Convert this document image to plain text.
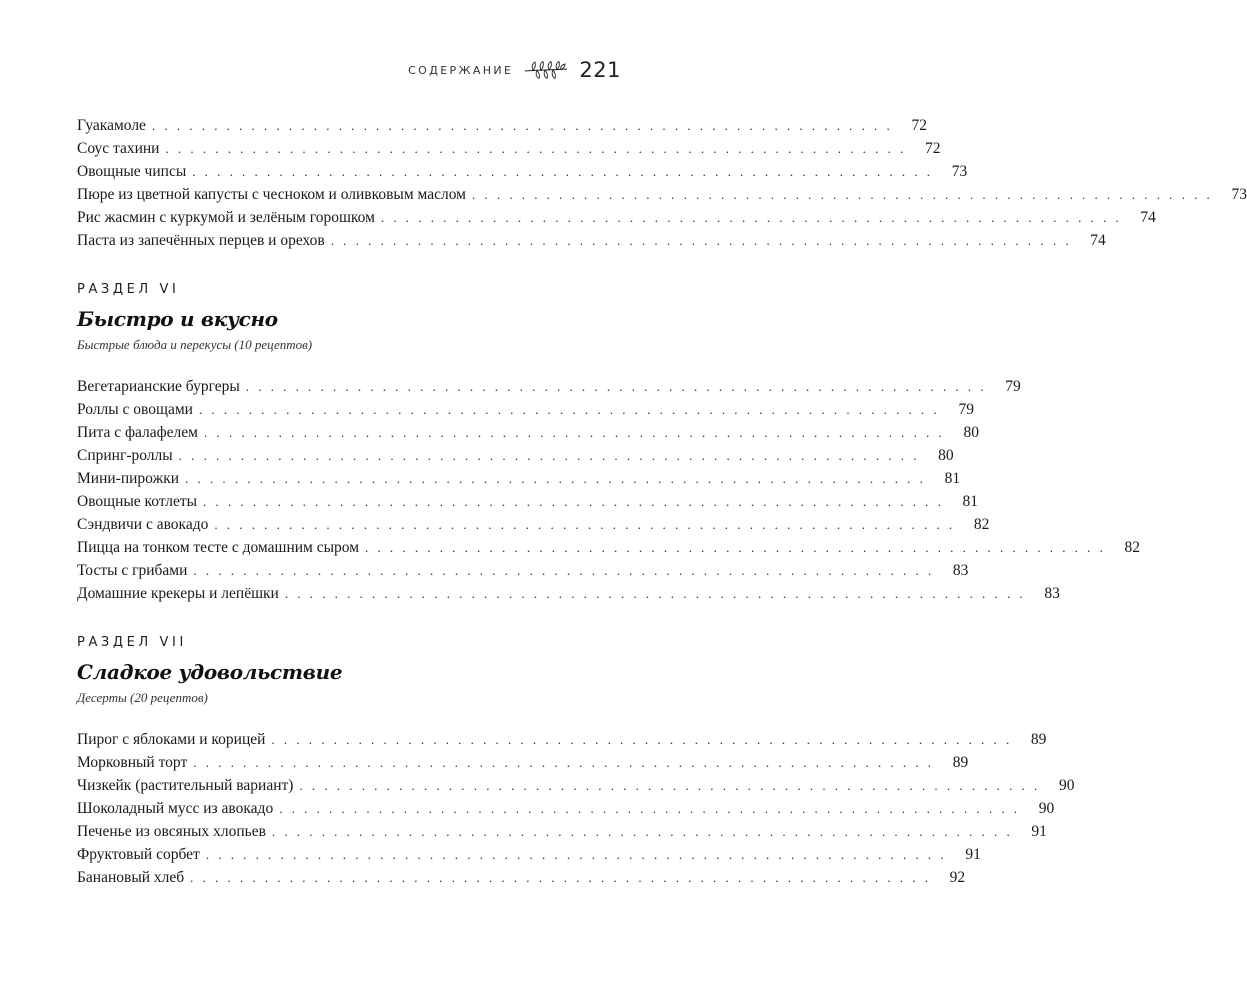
СОДЕРЖАНИЕ	221
Гуакамоле ............................................................ 72
Соус тахини ............................................................ 72
Овощные чипсы ............................................................ 73
Пюре из цветной капусты с чесноком и оливковым маслом ............................................................ 73
Рис жасмин с куркумой и зелёным горошком ............................................................ 74
Паста из запечённых перцев и орехов ............................................................ 74
РАЗДЕЛ VI
Быстро и вкусно
Быстрые блюда и перекусы (10 рецептов)
Вегетарианские бургеры ............................................................ 79
Роллы с овощами ............................................................ 79
Пита с фалафелем ............................................................ 80
Спринг-роллы ............................................................ 80
Мини-пирожки ............................................................ 81
Овощные котлеты ............................................................ 81
Сэндвичи с авокадо ............................................................ 82
Пицца на тонком тесте с домашним сыром ............................................................ 82
Тосты с грибами ............................................................ 83
Домашние крекеры и лепёшки ............................................................ 83
РАЗДЕЛ VII
Сладкое удовольствие
Десерты (20 рецептов)
Пирог с яблоками и корицей ............................................................ 89
Морковный торт ............................................................ 89
Чизкейк (растительный вариант) ............................................................ 90
Шоколадный мусс из авокадо ............................................................ 90
Печенье из овсяных хлопьев ............................................................ 91
Фруктовый сорбет ............................................................ 91
Банановый хлеб ............................................................ 92
